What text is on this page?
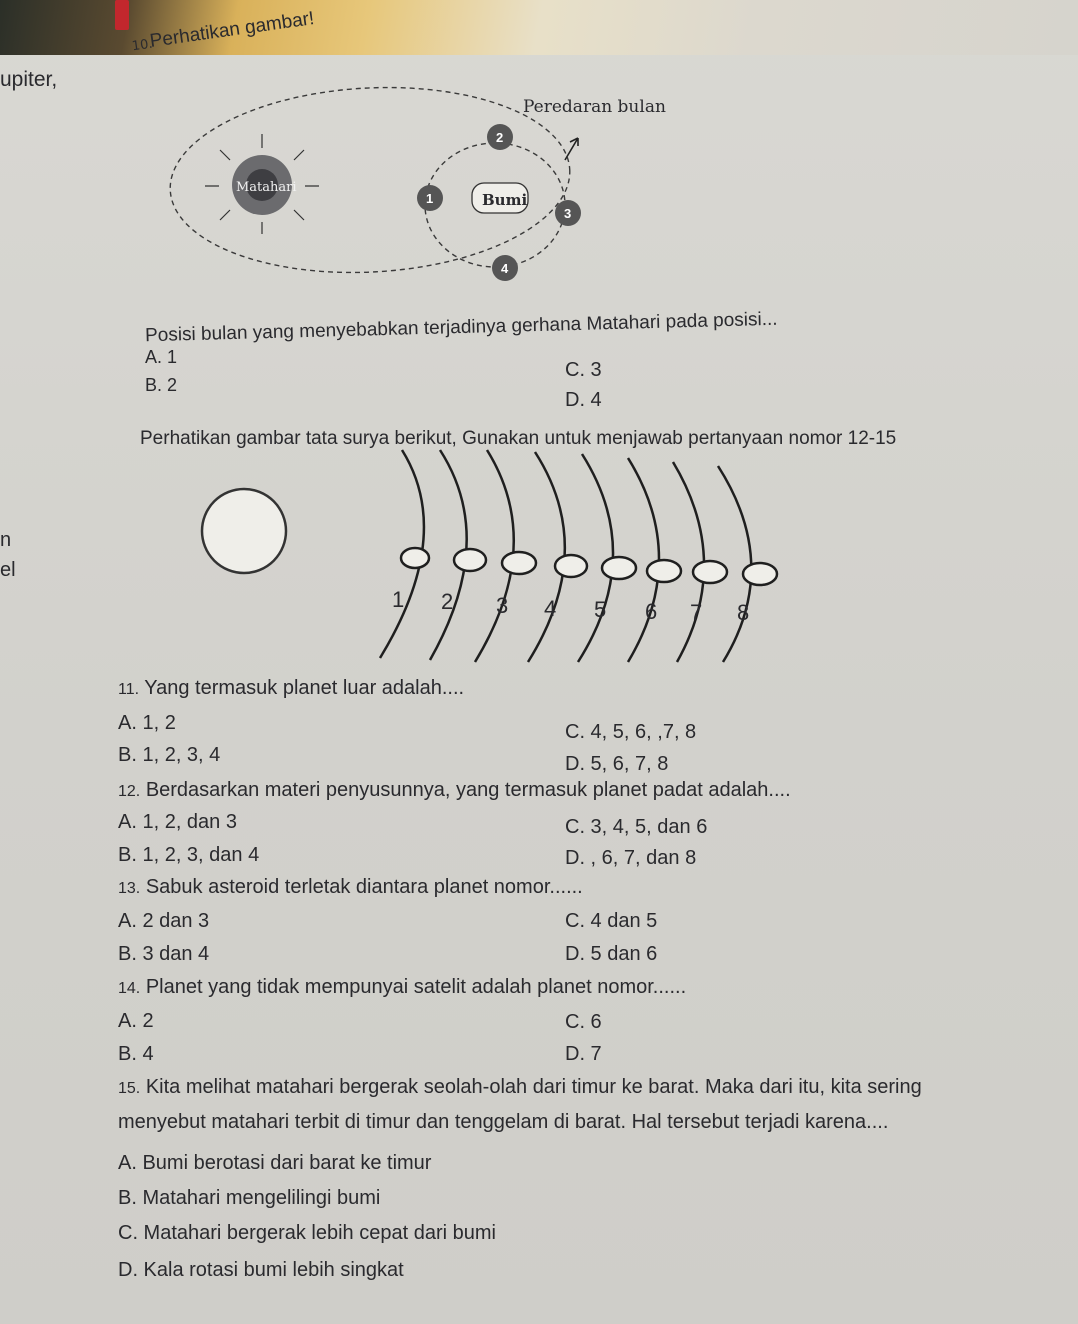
upiter,
10.
Perhatikan gambar!
Peredaran bulan
Matahari
Bumi
1
2
3
4
Posisi bulan yang menyebabkan terjadinya gerhana Matahari pada posisi...
A. 1
B. 2
C. 3
D. 4
Perhatikan gambar tata surya berikut, Gunakan untuk menjawab pertanyaan nomor 12-15
n
el
1 2 3 4 5 6 7 8
11. Yang termasuk planet luar adalah....
A. 1, 2
B. 1, 2, 3, 4
C. 4, 5, 6, ,7, 8
D. 5, 6, 7, 8
12. Berdasarkan materi penyusunnya, yang termasuk planet padat adalah....
A. 1, 2, dan 3
B. 1, 2, 3, dan 4
C. 3, 4, 5, dan 6
D. , 6, 7, dan 8
13. Sabuk asteroid terletak diantara planet nomor......
A. 2 dan 3
B. 3 dan 4
C. 4 dan 5
D. 5 dan 6
14. Planet yang tidak mempunyai satelit adalah planet nomor......
A. 2
B. 4
C. 6
D. 7
15. Kita melihat matahari bergerak seolah-olah dari timur ke barat. Maka dari itu, kita sering
menyebut matahari terbit di timur dan tenggelam di barat. Hal tersebut terjadi karena....
A. Bumi berotasi dari barat ke timur
B. Matahari mengelilingi bumi
C. Matahari bergerak lebih cepat dari bumi
D. Kala rotasi bumi lebih singkat
